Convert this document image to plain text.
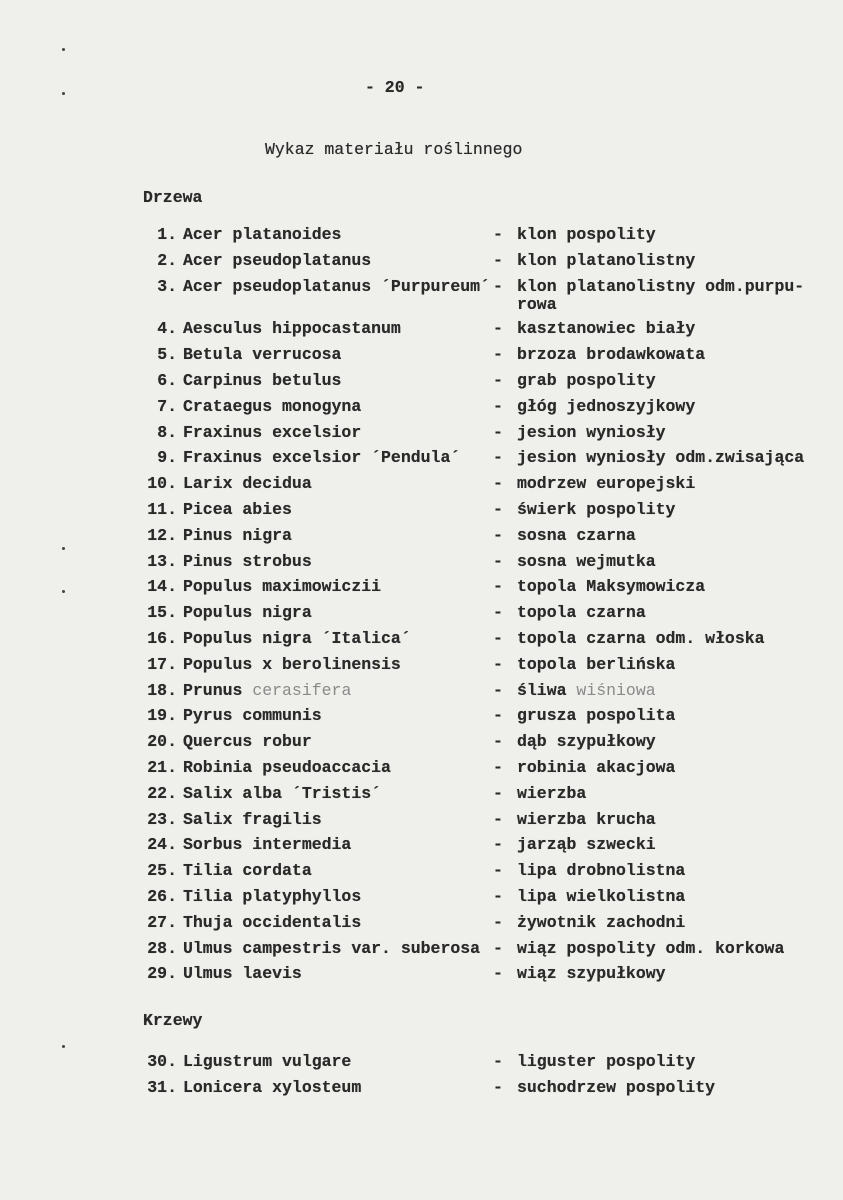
- 20 -
Wykaz materiału roślinnego
Drzewa
1. Acer platanoides	- klon pospolity
2. Acer pseudoplatanus	- klon platanolistny
3. Acer pseudoplatanus ´Purpureum´ - klon platanolistny odm.purpu-
rowa
4. Aesculus hippocastanum	- kasztanowiec biały
5. Betula verrucosa	- brzoza brodawkowata
6. Carpinus betulus	- grab pospolity
7. Crataegus monogyna	- głóg jednoszyjkowy
8. Fraxinus excelsior	- jesion wyniosły
9. Fraxinus excelsior ´Pendula´ - jesion wyniosły odm.zwisająca
10. Larix decidua	- modrzew europejski
11. Picea abies	- świerk pospolity
12. Pinus nigra	- sosna czarna
13. Pinus strobus	- sosna wejmutka
14. Populus maximowiczii	- topola Maksymowicza
15. Populus nigra	- topola czarna
16. Populus nigra ´Italica´	- topola czarna odm. włoska
17. Populus x berolinensis	- topola berlińska
18. Prunus cerasifera	- śliwa wiśniowa
19. Pyrus communis	- grusza pospolita
20. Quercus robur	- dąb szypułkowy
21. Robinia pseudoaccacia	- robinia akacjowa
22. Salix alba ´Tristis´	- wierzba
23. Salix fragilis	- wierzba krucha
24. Sorbus intermedia	- jarząb szwecki
25. Tilia cordata	- lipa drobnolistna
26. Tilia platyphyllos	- lipa wielkolistna
27. Thuja occidentalis	- żywotnik zachodni
28. Ulmus campestris var. suberosa - wiąz pospolity odm. korkowa
29. Ulmus laevis	- wiąz szypułkowy
Krzewy
30. Ligustrum vulgare	- liguster pospolity
31. Lonicera xylosteum	- suchodrzew pospolity
